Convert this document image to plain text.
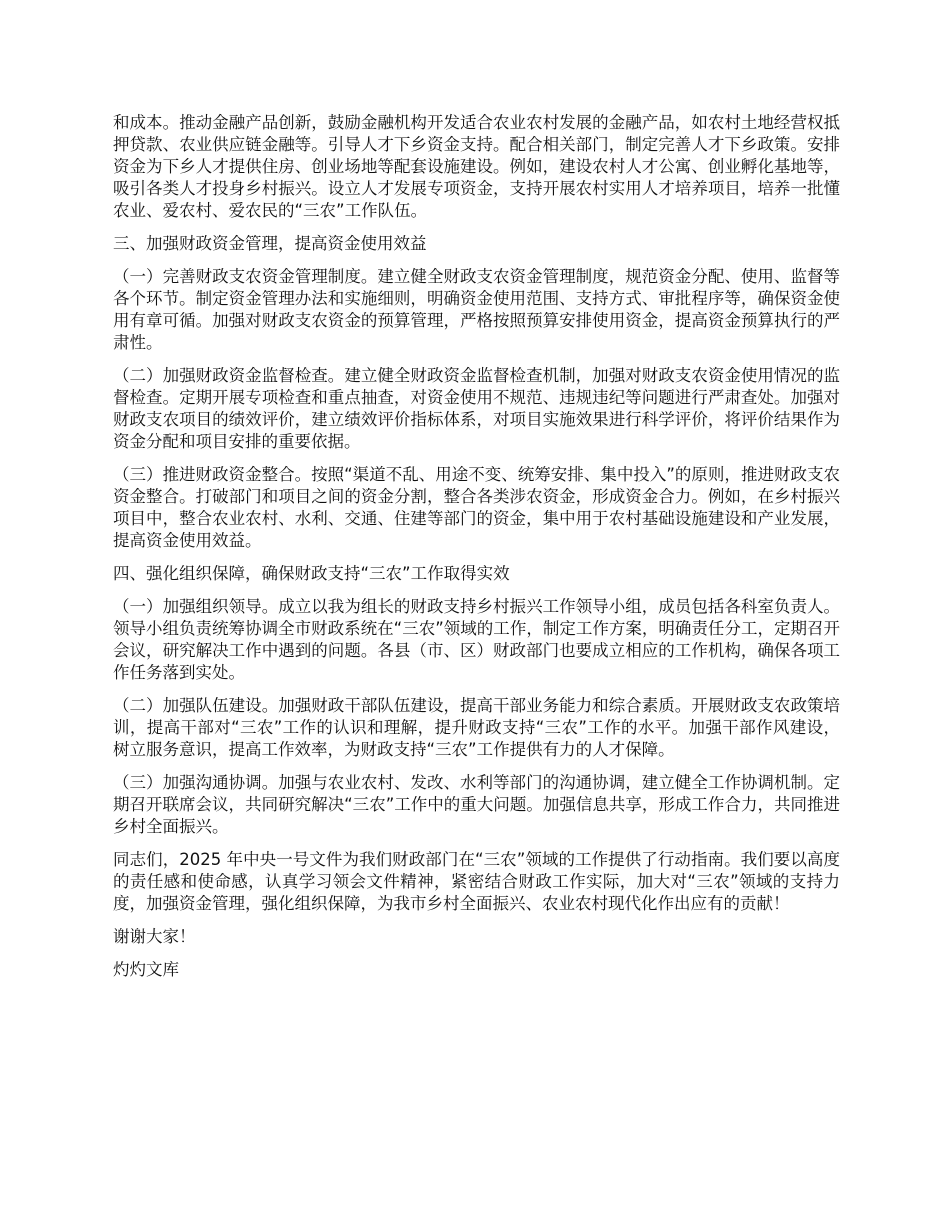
和成本。推动金融产品创新，鼓励金融机构开发适合农业农村发展的金融产品，如农村土地经营权抵押贷款、农业供应链金融等。引导人才下乡资金支持。配合相关部门，制定完善人才下乡政策。安排资金为下乡人才提供住房、创业场地等配套设施建设。例如，建设农村人才公寓、创业孵化基地等，吸引各类人才投身乡村振兴。设立人才发展专项资金，支持开展农村实用人才培养项目，培养一批懂农业、爱农村、爱农民的“三农”工作队伍。

三、加强财政资金管理，提高资金使用效益

（一）完善财政支农资金管理制度。建立健全财政支农资金管理制度，规范资金分配、使用、监督等各个环节。制定资金管理办法和实施细则，明确资金使用范围、支持方式、审批程序等，确保资金使用有章可循。加强对财政支农资金的预算管理，严格按照预算安排使用资金，提高资金预算执行的严肃性。

（二）加强财政资金监督检查。建立健全财政资金监督检查机制，加强对财政支农资金使用情况的监督检查。定期开展专项检查和重点抽查，对资金使用不规范、违规违纪等问题进行严肃查处。加强对财政支农项目的绩效评价，建立绩效评价指标体系，对项目实施效果进行科学评价，将评价结果作为资金分配和项目安排的重要依据。

（三）推进财政资金整合。按照“渠道不乱、用途不变、统筹安排、集中投入”的原则，推进财政支农资金整合。打破部门和项目之间的资金分割，整合各类涉农资金，形成资金合力。例如，在乡村振兴项目中，整合农业农村、水利、交通、住建等部门的资金，集中用于农村基础设施建设和产业发展，提高资金使用效益。

四、强化组织保障，确保财政支持“三农”工作取得实效

（一）加强组织领导。成立以我为组长的财政支持乡村振兴工作领导小组，成员包括各科室负责人。领导小组负责统筹协调全市财政系统在“三农”领域的工作，制定工作方案，明确责任分工，定期召开会议，研究解决工作中遇到的问题。各县（市、区）财政部门也要成立相应的工作机构，确保各项工作任务落到实处。

（二）加强队伍建设。加强财政干部队伍建设，提高干部业务能力和综合素质。开展财政支农政策培训，提高干部对“三农”工作的认识和理解，提升财政支持“三农”工作的水平。加强干部作风建设，树立服务意识，提高工作效率，为财政支持“三农”工作提供有力的人才保障。

（三）加强沟通协调。加强与农业农村、发改、水利等部门的沟通协调，建立健全工作协调机制。定期召开联席会议，共同研究解决“三农”工作中的重大问题。加强信息共享，形成工作合力，共同推进乡村全面振兴。

同志们，2025 年中央一号文件为我们财政部门在“三农”领域的工作提供了行动指南。我们要以高度的责任感和使命感，认真学习领会文件精神，紧密结合财政工作实际，加大对“三农”领域的支持力度，加强资金管理，强化组织保障，为我市乡村全面振兴、农业农村现代化作出应有的贡献！

谢谢大家！

灼灼文库
